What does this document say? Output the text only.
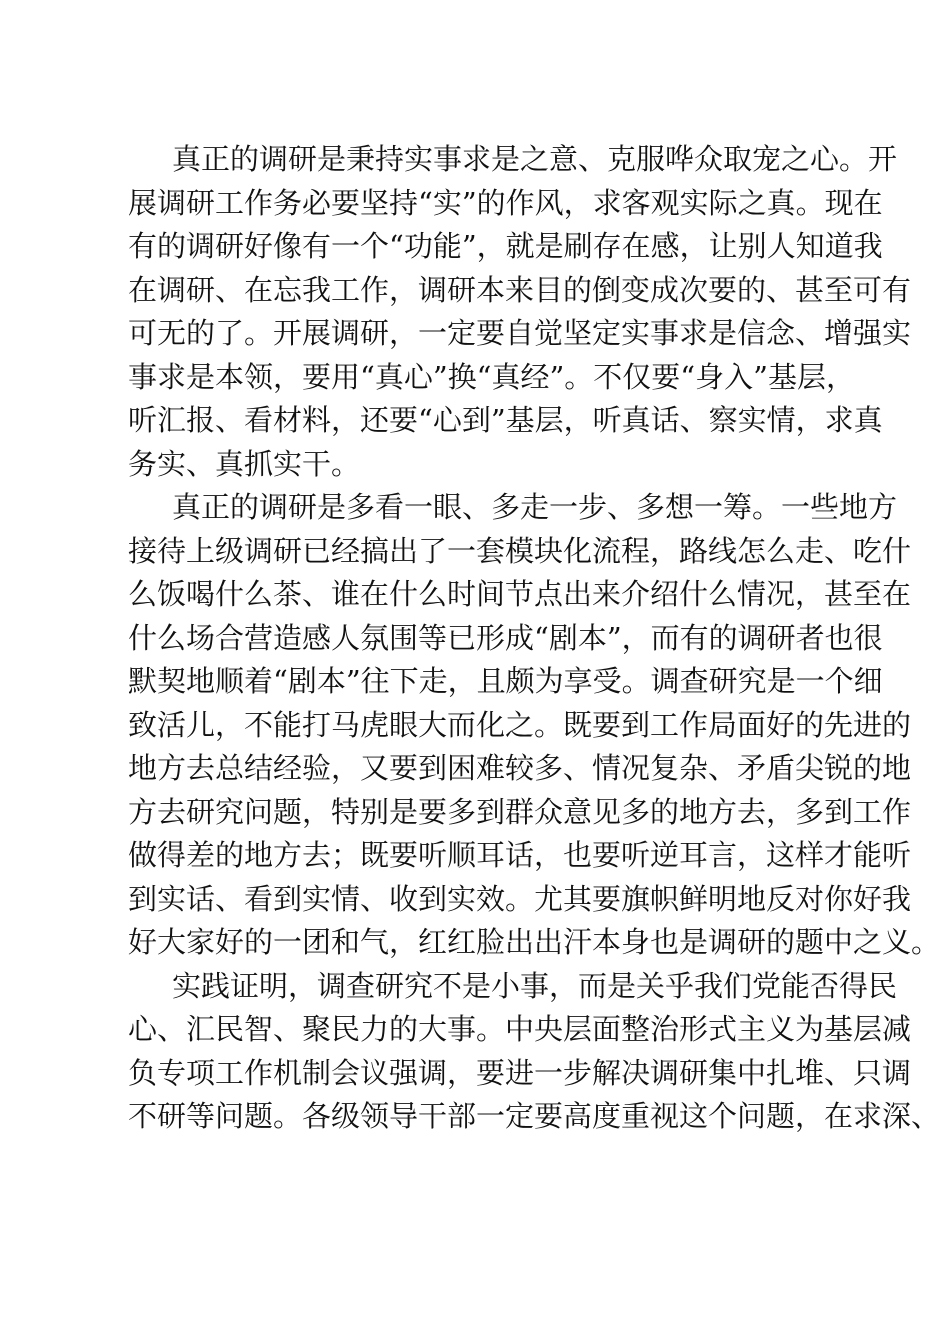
真正的调研是秉持实事求是之意、克服哗众取宠之心。开
展调研工作务必要坚持“实”的作风，求客观实际之真。现在
有的调研好像有一个“功能”，就是刷存在感，让别人知道我
在调研、在忘我工作，调研本来目的倒变成次要的、甚至可有
可无的了。开展调研，一定要自觉坚定实事求是信念、增强实
事求是本领，要用“真心”换“真经”。不仅要“身入”基层，
听汇报、看材料，还要“心到”基层，听真话、察实情，求真
务实、真抓实干。
真正的调研是多看一眼、多走一步、多想一筹。一些地方
接待上级调研已经搞出了一套模块化流程，路线怎么走、吃什
么饭喝什么茶、谁在什么时间节点出来介绍什么情况，甚至在
什么场合营造感人氛围等已形成“剧本”，而有的调研者也很
默契地顺着“剧本”往下走，且颇为享受。调查研究是一个细
致活儿，不能打马虎眼大而化之。既要到工作局面好的先进的
地方去总结经验，又要到困难较多、情况复杂、矛盾尖锐的地
方去研究问题，特别是要多到群众意见多的地方去，多到工作
做得差的地方去；既要听顺耳话，也要听逆耳言，这样才能听
到实话、看到实情、收到实效。尤其要旗帜鲜明地反对你好我
好大家好的一团和气，红红脸出出汗本身也是调研的题中之义。
实践证明，调查研究不是小事，而是关乎我们党能否得民
心、汇民智、聚民力的大事。中央层面整治形式主义为基层减
负专项工作机制会议强调，要进一步解决调研集中扎堆、只调
不研等问题。各级领导干部一定要高度重视这个问题，在求深、
